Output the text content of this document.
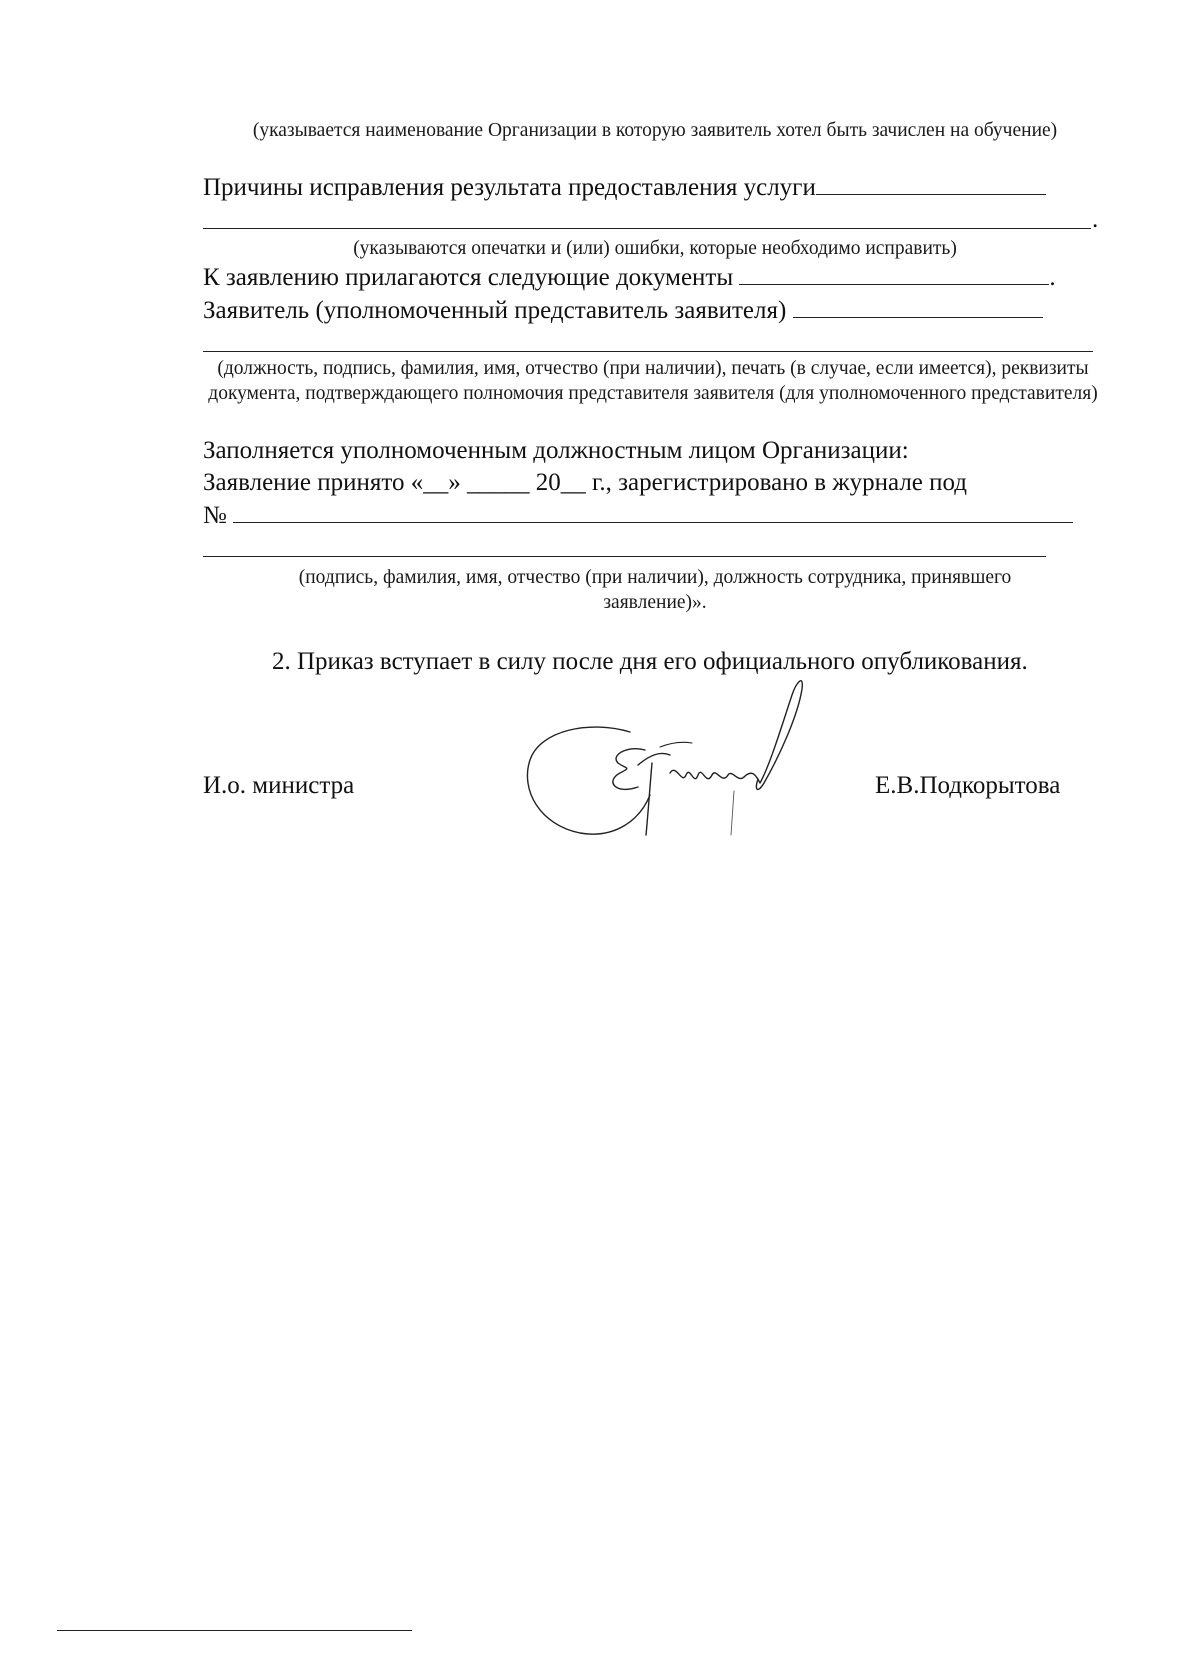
(указывается наименование Организации в которую заявитель хотел быть зачислен на обучение)
Причины исправления результата предоставления услуги
.
(указываются опечатки и (или) ошибки, которые необходимо исправить)
К заявлению прилагаются следующие документы	.
Заявитель (уполномоченный представитель заявителя)
(должность, подпись, фамилия, имя, отчество (при наличии), печать (в случае, если имеется), реквизиты документа, подтверждающего полномочия представителя заявителя (для уполномоченного представителя)
Заполняется уполномоченным должностным лицом Организации:
Заявление принято «__» _____ 20__ г., зарегистрировано в журнале под
№
(подпись, фамилия, имя, отчество (при наличии), должность сотрудника, принявшего заявление)».
2. Приказ вступает в силу после дня его официального опубликования.
И.о. министра	Е.В.Подкорытова
